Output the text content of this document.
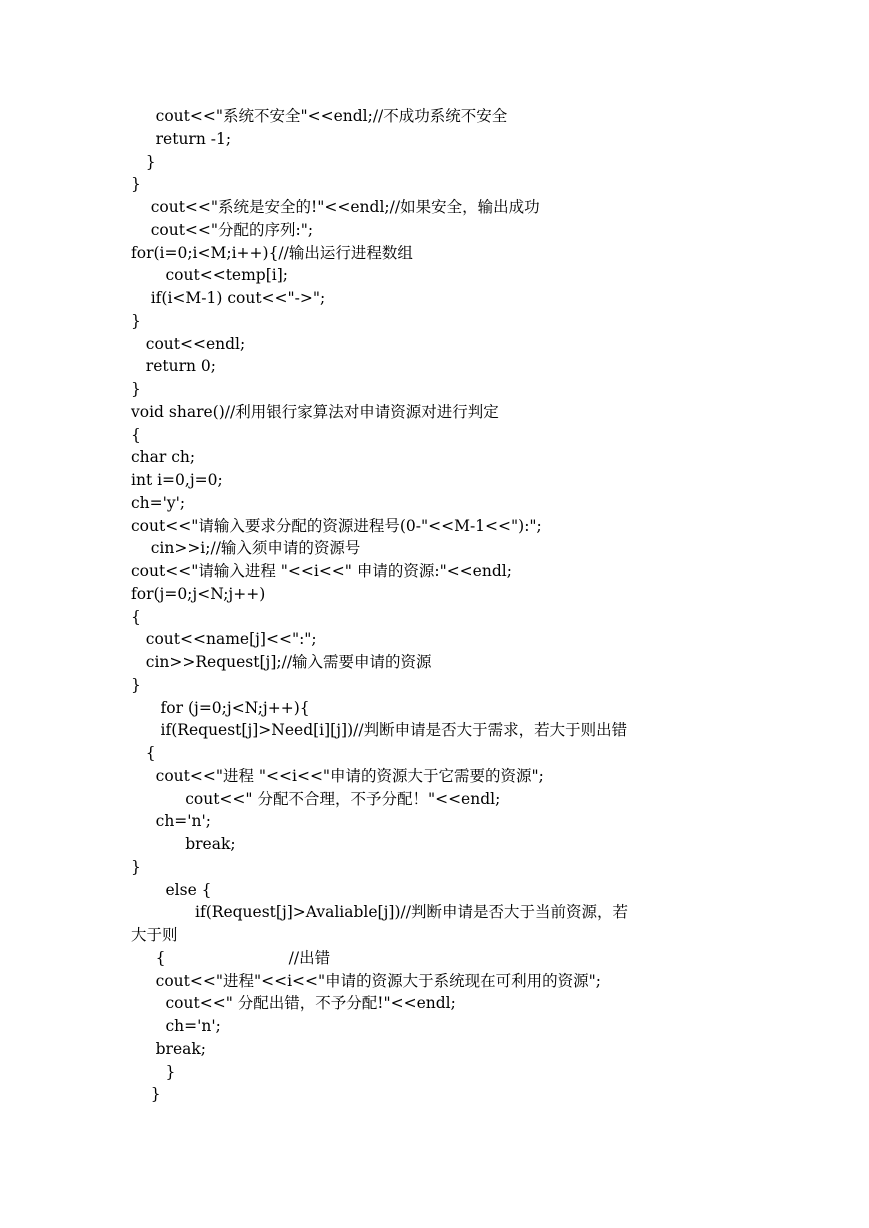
cout<<"系统不安全"<<endl;//不成功系统不安全
return -1;
}
}
cout<<"系统是安全的!"<<endl;//如果安全，输出成功
cout<<"分配的序列:";
for(i=0;i<M;i++){//输出运行进程数组
cout<<temp[i];
if(i<M-1) cout<<"->";
}
cout<<endl;
return 0;
}
void share()//利用银行家算法对申请资源对进行判定
{
char ch;
int i=0,j=0;
ch='y';
cout<<"请输入要求分配的资源进程号(0-"<<M-1<<"):";
cin>>i;//输入须申请的资源号
cout<<"请输入进程 "<<i<<" 申请的资源:"<<endl;
for(j=0;j<N;j++)
{
cout<<name[j]<<":";
cin>>Request[j];//输入需要申请的资源
}
for (j=0;j<N;j++){
if(Request[j]>Need[i][j])//判断申请是否大于需求，若大于则出错
{
cout<<"进程 "<<i<<"申请的资源大于它需要的资源";
cout<<" 分配不合理，不予分配！"<<endl;
ch='n';
break;
}
else {
if(Request[j]>Avaliable[j])//判断申请是否大于当前资源，若
大于则
{                         //出错
cout<<"进程"<<i<<"申请的资源大于系统现在可利用的资源";
cout<<" 分配出错，不予分配!"<<endl;
ch='n';
break;
}
}
